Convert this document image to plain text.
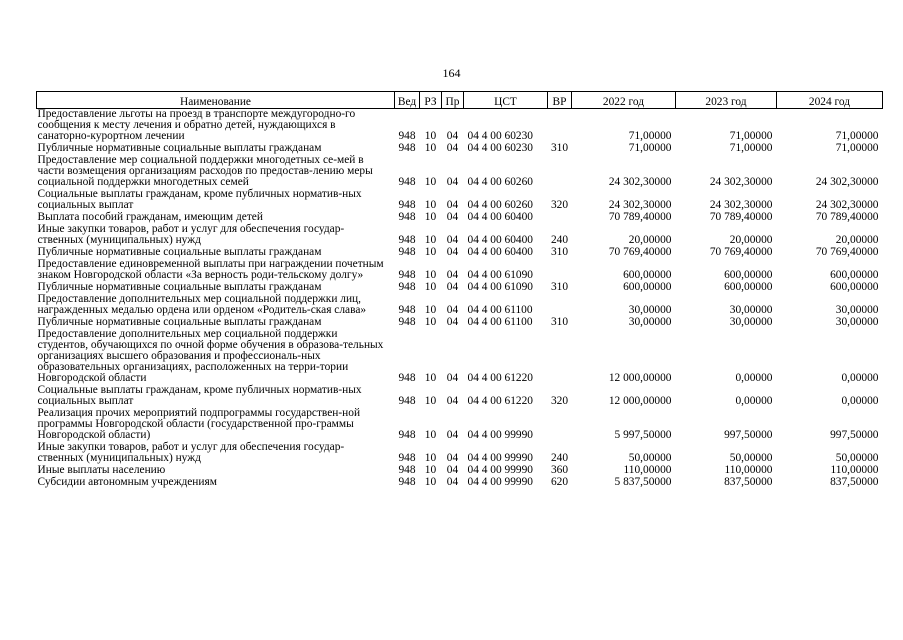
164
Наименование	Вед	РЗ	Пр	ЦСТ	ВР	2022 год	2023 год	2024 год
Предоставление льготы на проезд в транспорте междугородно-го сообщения к месту лечения и обратно детей, нуждающихся в санаторно-курортном лечении	948	10	04	04 4 00 60230		71,00000	71,00000	71,00000
Публичные нормативные социальные выплаты гражданам	948	10	04	04 4 00 60230	310	71,00000	71,00000	71,00000
Предоставление мер социальной поддержки многодетных се-мей в части возмещения организациям расходов по предостав-лению меры социальной поддержки многодетных семей	948	10	04	04 4 00 60260		24 302,30000	24 302,30000	24 302,30000
Социальные выплаты гражданам, кроме публичных норматив-ных социальных выплат	948	10	04	04 4 00 60260	320	24 302,30000	24 302,30000	24 302,30000
Выплата пособий гражданам, имеющим детей	948	10	04	04 4 00 60400		70 789,40000	70 789,40000	70 789,40000
Иные закупки товаров, работ и услуг для обеспечения государ-ственных (муниципальных) нужд	948	10	04	04 4 00 60400	240	20,00000	20,00000	20,00000
Публичные нормативные социальные выплаты гражданам	948	10	04	04 4 00 60400	310	70 769,40000	70 769,40000	70 769,40000
Предоставление единовременной выплаты при награждении почетным знаком Новгородской области «За верность роди-тельскому долгу»	948	10	04	04 4 00 61090		600,00000	600,00000	600,00000
Публичные нормативные социальные выплаты гражданам	948	10	04	04 4 00 61090	310	600,00000	600,00000	600,00000
Предоставление дополнительных мер социальной поддержки лиц, награжденных медалью ордена или орденом «Родитель-ская слава»	948	10	04	04 4 00 61100		30,00000	30,00000	30,00000
Публичные нормативные социальные выплаты гражданам	948	10	04	04 4 00 61100	310	30,00000	30,00000	30,00000
Предоставление дополнительных мер социальной поддержки студентов, обучающихся по очной форме обучения в образова-тельных организациях высшего образования и профессиональ-ных образовательных организациях, расположенных на терри-тории Новгородской области	948	10	04	04 4 00 61220		12 000,00000	0,00000	0,00000
Социальные выплаты гражданам, кроме публичных норматив-ных социальных выплат	948	10	04	04 4 00 61220	320	12 000,00000	0,00000	0,00000
Реализация прочих мероприятий подпрограммы государствен-ной программы Новгородской области (государственной про-граммы Новгородской области)	948	10	04	04 4 00 99990		5 997,50000	997,50000	997,50000
Иные закупки товаров, работ и услуг для обеспечения государ-ственных (муниципальных) нужд	948	10	04	04 4 00 99990	240	50,00000	50,00000	50,00000
Иные выплаты населению	948	10	04	04 4 00 99990	360	110,00000	110,00000	110,00000
Субсидии автономным учреждениям	948	10	04	04 4 00 99990	620	5 837,50000	837,50000	837,50000
